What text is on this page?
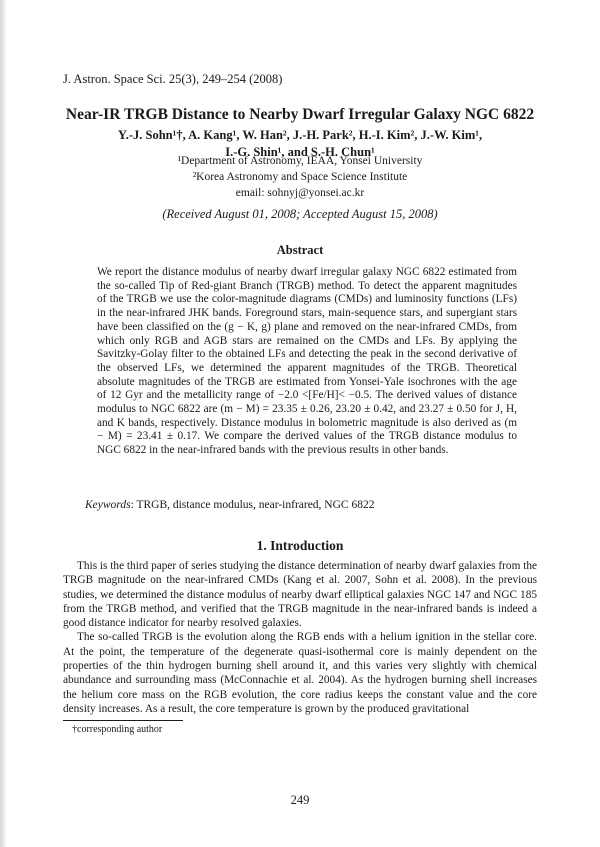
J. Astron. Space Sci. 25(3), 249–254 (2008)
Near-IR TRGB Distance to Nearby Dwarf Irregular Galaxy NGC 6822
Y.-J. Sohn¹†, A. Kang¹, W. Han², J.-H. Park², H.-I. Kim², J.-W. Kim¹,
I.-G. Shin¹, and S.-H. Chun¹
¹Department of Astronomy, IEAA, Yonsei University
²Korea Astronomy and Space Science Institute
email: sohnyj@yonsei.ac.kr
(Received August 01, 2008; Accepted August 15, 2008)
Abstract
We report the distance modulus of nearby dwarf irregular galaxy NGC 6822 estimated from the so-called Tip of Red-giant Branch (TRGB) method. To detect the apparent magnitudes of the TRGB we use the color-magnitude diagrams (CMDs) and luminosity functions (LFs) in the near-infrared JHK bands. Foreground stars, main-sequence stars, and supergiant stars have been classified on the (g − K, g) plane and removed on the near-infrared CMDs, from which only RGB and AGB stars are remained on the CMDs and LFs. By applying the Savitzky-Golay filter to the obtained LFs and detecting the peak in the second derivative of the observed LFs, we determined the apparent magnitudes of the TRGB. Theoretical absolute magnitudes of the TRGB are estimated from Yonsei-Yale isochrones with the age of 12 Gyr and the metallicity range of −2.0 <[Fe/H]< −0.5. The derived values of distance modulus to NGC 6822 are (m − M) = 23.35 ± 0.26, 23.20 ± 0.42, and 23.27 ± 0.50 for J, H, and K bands, respectively. Distance modulus in bolometric magnitude is also derived as (m − M) = 23.41 ± 0.17. We compare the derived values of the TRGB distance modulus to NGC 6822 in the near-infrared bands with the previous results in other bands.
Keywords: TRGB, distance modulus, near-infrared, NGC 6822
1. Introduction

This is the third paper of series studying the distance determination of nearby dwarf galaxies from the TRGB magnitude on the near-infrared CMDs (Kang et al. 2007, Sohn et al. 2008). In the previous studies, we determined the distance modulus of nearby dwarf elliptical galaxies NGC 147 and NGC 185 from the TRGB method, and verified that the TRGB magnitude in the near-infrared bands is indeed a good distance indicator for nearby resolved galaxies.

The so-called TRGB is the evolution along the RGB ends with a helium ignition in the stellar core. At the point, the temperature of the degenerate quasi-isothermal core is mainly dependent on the properties of the thin hydrogen burning shell around it, and this varies very slightly with chemical abundance and surrounding mass (McConnachie et al. 2004). As the hydrogen burning shell increases the helium core mass on the RGB evolution, the core radius keeps the constant value and the core density increases. As a result, the core temperature is grown by the produced gravitational

†corresponding author
249
